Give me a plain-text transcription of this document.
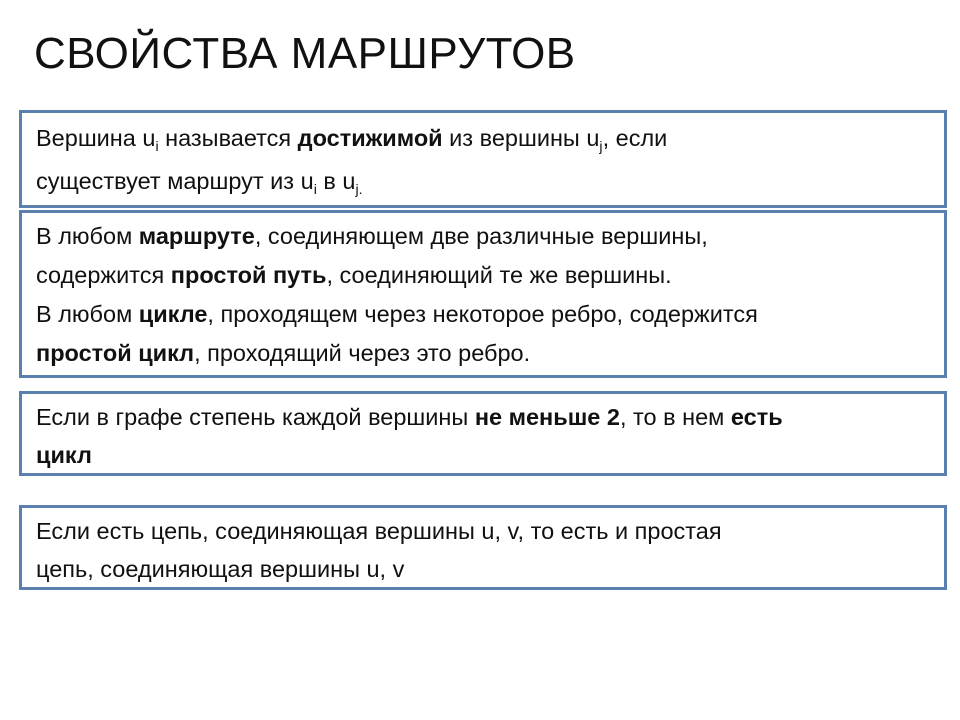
СВОЙСТВА МАРШРУТОВ
Вершина $u_i$ называется достижимой из вершины $u_j$, если
существует маршрут из $u_i$ в $u_{j.}$
В любом маршруте, соединяющем две различные вершины,
содержится простой путь, соединяющий те же вершины.
В любом цикле, проходящем через некоторое ребро, содержится
простой цикл, проходящий через это ребро.
Если в графе степень каждой вершины не меньше 2, то в нем есть
цикл
Если есть цепь, соединяющая вершины u, v, то есть и простая
цепь, соединяющая вершины u, v
